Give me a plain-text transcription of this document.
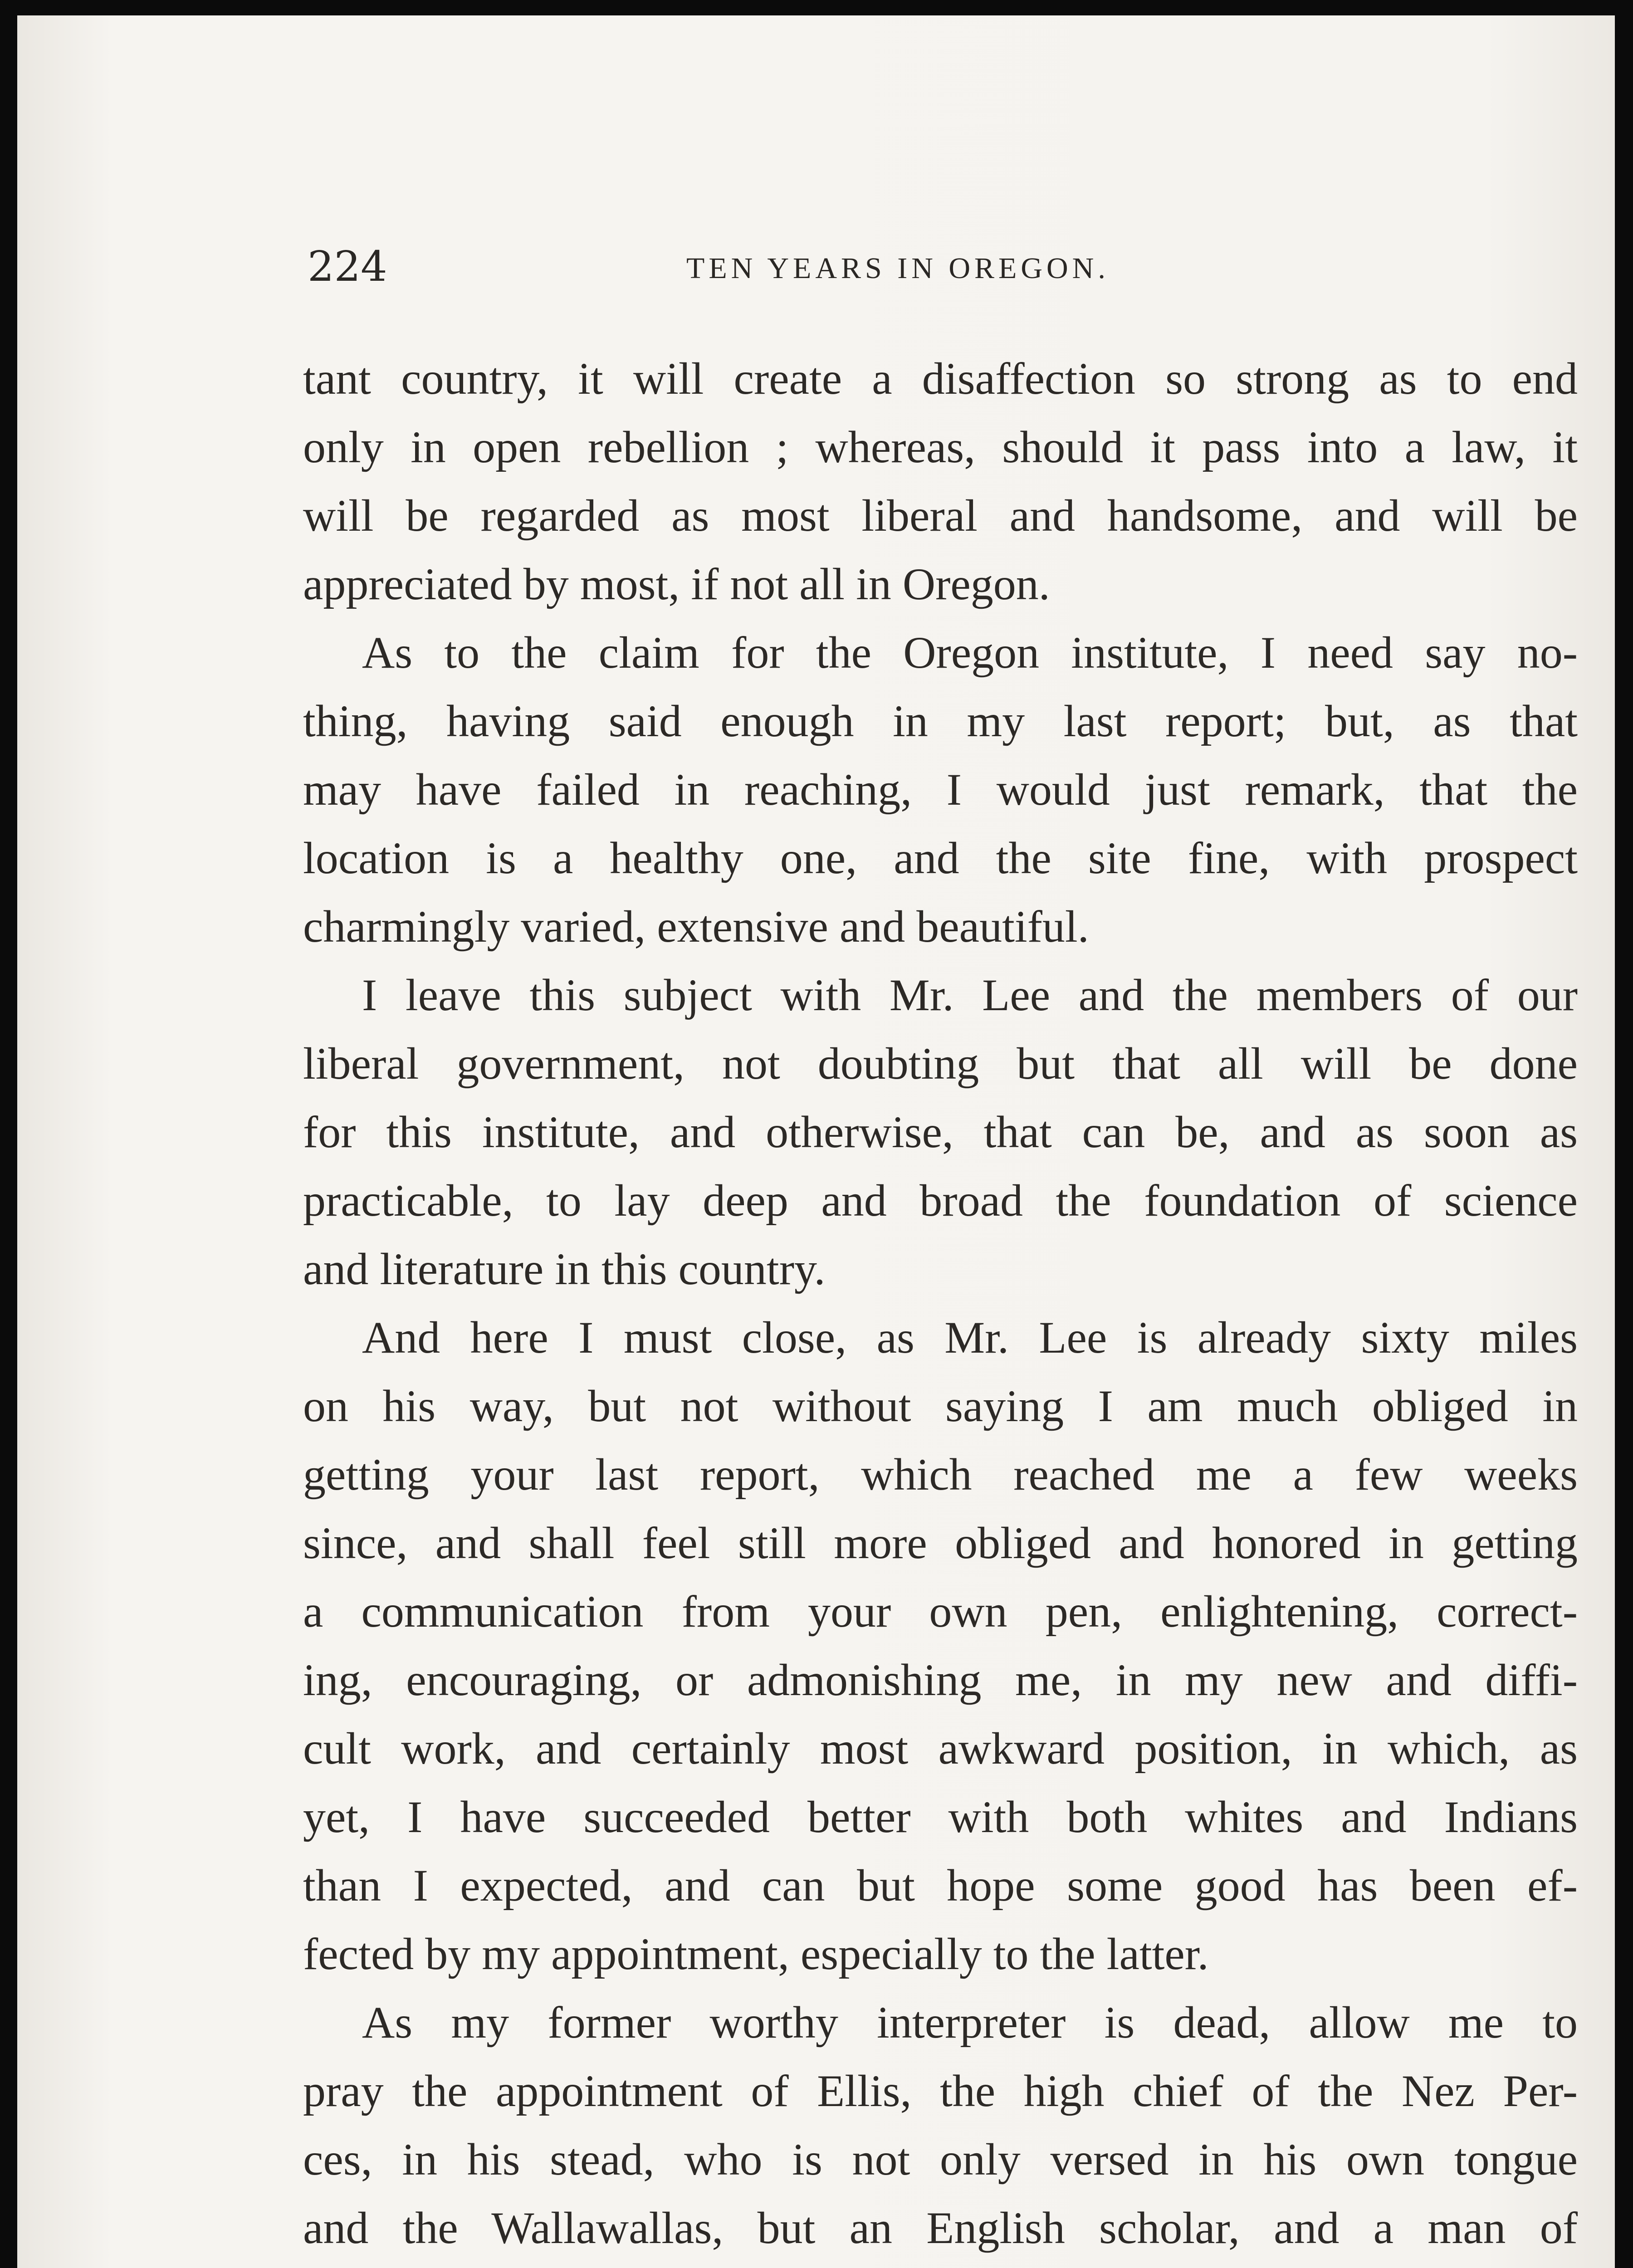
224	TEN YEARS IN OREGON.

tant country, it will create a disaffection so strong as to end
only in open rebellion ; whereas, should it pass into a law, it
will be regarded as most liberal and handsome, and will be
appreciated by most, if not all in Oregon.

As to the claim for the Oregon institute, I need say no-
thing, having said enough in my last report; but, as that
may have failed in reaching, I would just remark, that the
location is a healthy one, and the site fine, with prospect
charmingly varied, extensive and beautiful.

I leave this subject with Mr. Lee and the members of our
liberal government, not doubting but that all will be done
for this institute, and otherwise, that can be, and as soon as
practicable, to lay deep and broad the foundation of science
and literature in this country.

And here I must close, as Mr. Lee is already sixty miles
on his way, but not without saying I am much obliged in
getting your last report, which reached me a few weeks
since, and shall feel still more obliged and honored in getting
a communication from your own pen, enlightening, correct-
ing, encouraging, or admonishing me, in my new and diffi-
cult work, and certainly most awkward position, in which, as
yet, I have succeeded better with both whites and Indians
than I expected, and can but hope some good has been ef-
fected by my appointment, especially to the latter.

As my former worthy interpreter is dead, allow me to
pray the appointment of Ellis, the high chief of the Nez Per-
ces, in his stead, who is not only versed in his own tongue
and the Wallawallas, but an English scholar, and a man of
